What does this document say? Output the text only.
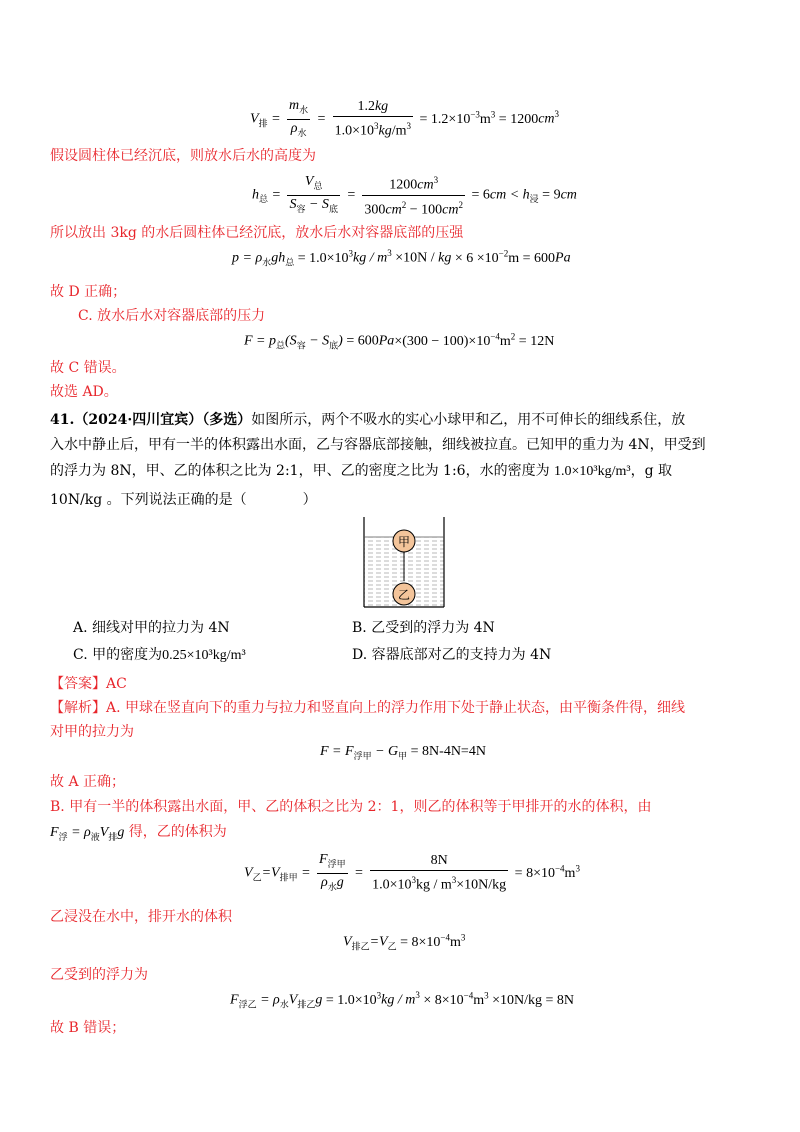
$V_排 = \frac{m_水}{\rho_水} = \frac{1.2kg}{1.0\times 10^3kg/m^3} = 1.2\times 10^{-3}m^3 = 1200cm^3$
假设圆柱体已经沉底，则放水后水的高度为
$h_总 = \frac{V_总}{S_容 - S_底} = \frac{1200cm^3}{300cm^2 - 100cm^2} = 6cm < h_浸 = 9cm$
所以放出 3kg 的水后圆柱体已经沉底，放水后水对容器底部的压强
$p = \rho_水gh_总 = 1.0\times 10^3kg / m^3 \times 10N$ / kg × $6 \times 10^{-2}m = 600Pa$
故 D 正确；
C. 放水后水对容器底部的压力
$F = p_总(S_容 - S_底) = 600Pa\times(300 - 100)\times 10^{-4}m^2 = 12N$
故 C 错误。
故选 AD。
41.（2024·四川宜宾）（多选）如图所示，两个不吸水的实心小球甲和乙，用不可伸长的细线系住，放
入水中静止后，甲有一半的体积露出水面，乙与容器底部接触，细线被拉直。已知甲的重力为 4N，甲受到
的浮力为 8N，甲、乙的体积之比为 2:1，甲、乙的密度之比为 1:6，水的密度为 1.0×10³kg/m³，g 取
10N/kg 。下列说法正确的是（　　　　）
甲
乙
A. 细线对甲的拉力为 4N	B. 乙受到的浮力为 4N
C. 甲的密度为0.25×10³kg/m³	D. 容器底部对乙的支持力为 4N
【答案】AC
【解析】A. 甲球在竖直向下的重力与拉力和竖直向上的浮力作用下处于静止状态，由平衡条件得，细线
对甲的拉力为
$F = F_{浮甲} - G_甲 = 8N-4N=4N$
故 A 正确；
B. 甲有一半的体积露出水面，甲、乙的体积之比为 2：1，则乙的体积等于甲排开的水的体积，由
$F_浮 = \rho_液V_排g$ 得，乙的体积为
$V_乙=V_{排甲} = \frac{F_{浮甲}}{\rho_水g} = \frac{8N}{1.0\times 10^3kg / m^3\times 10N/kg} = 8\times 10^{-4}m^3$
乙浸没在水中，排开水的体积
$V_{排乙}=V_乙 = 8\times 10^{-4}m^3$
乙受到的浮力为
$F_{浮乙} = \rho_水V_{排乙}g = 1.0\times 10^3kg / m^3 \times 8\times 10^{-4}m^3 \times 10N/kg = 8N$
故 B 错误；
